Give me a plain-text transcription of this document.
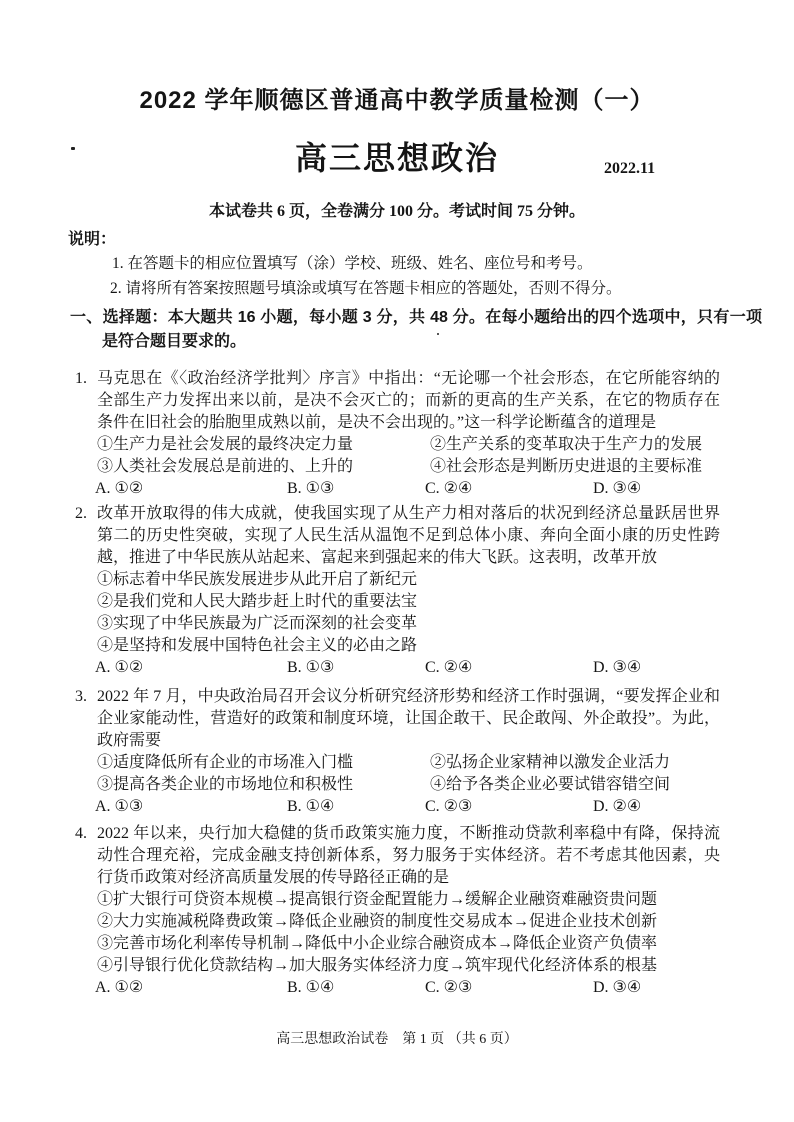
2022 学年顺德区普通高中教学质量检测（一）
高三思想政治	2022.11
本试卷共 6 页，全卷满分 100 分。考试时间 75 分钟。
说明：
1. 在答题卡的相应位置填写（涂）学校、班级、姓名、座位号和考号。
2. 请将所有答案按照题号填涂或填写在答题卡相应的答题处，否则不得分。
一、选择题：本大题共 16 小题，每小题 3 分，共 48 分。在每小题给出的四个选项中，只有一项是符合题目要求的。
1. 马克思在《〈政治经济学批判〉序言》中指出：“无论哪一个社会形态，在它所能容纳的全部生产力发挥出来以前，是决不会灭亡的；而新的更高的生产关系，在它的物质存在条件在旧社会的胎胞里成熟以前，是决不会出现的。”这一科学论断蕴含的道理是

①生产力是社会发展的最终决定力量	②生产关系的变革取决于生产力的发展
③人类社会发展总是前进的、上升的	④社会形态是判断历史进退的主要标准
A. ①②	B. ①③	C. ②④	D. ③④
2. 改革开放取得的伟大成就，使我国实现了从生产力相对落后的状况到经济总量跃居世界第二的历史性突破，实现了人民生活从温饱不足到总体小康、奔向全面小康的历史性跨越，推进了中华民族从站起来、富起来到强起来的伟大飞跃。这表明，改革开放

①标志着中华民族发展进步从此开启了新纪元
②是我们党和人民大踏步赶上时代的重要法宝
③实现了中华民族最为广泛而深刻的社会变革
④是坚持和发展中国特色社会主义的必由之路
A. ①②	B. ①③	C. ②④	D. ③④
3. 2022 年 7 月，中央政治局召开会议分析研究经济形势和经济工作时强调，“要发挥企业和企业家能动性，营造好的政策和制度环境，让国企敢干、民企敢闯、外企敢投”。为此，政府需要

①适度降低所有企业的市场准入门槛	②弘扬企业家精神以激发企业活力
③提高各类企业的市场地位和积极性	④给予各类企业必要试错容错空间
A. ①③	B. ①④	C. ②③	D. ②④
4. 2022 年以来，央行加大稳健的货币政策实施力度，不断推动贷款利率稳中有降，保持流动性合理充裕，完成金融支持创新体系，努力服务于实体经济。若不考虑其他因素，央行货币政策对经济高质量发展的传导路径正确的是

①扩大银行可贷资本规模→提高银行资金配置能力→缓解企业融资难融资贵问题
②大力实施减税降费政策→降低企业融资的制度性交易成本→促进企业技术创新
③完善市场化利率传导机制→降低中小企业综合融资成本→降低企业资产负债率
④引导银行优化贷款结构→加大服务实体经济力度→筑牢现代化经济体系的根基
A. ①②	B. ①④	C. ②③	D. ③④
高三思想政治试卷　第 1 页 （共 6 页）
